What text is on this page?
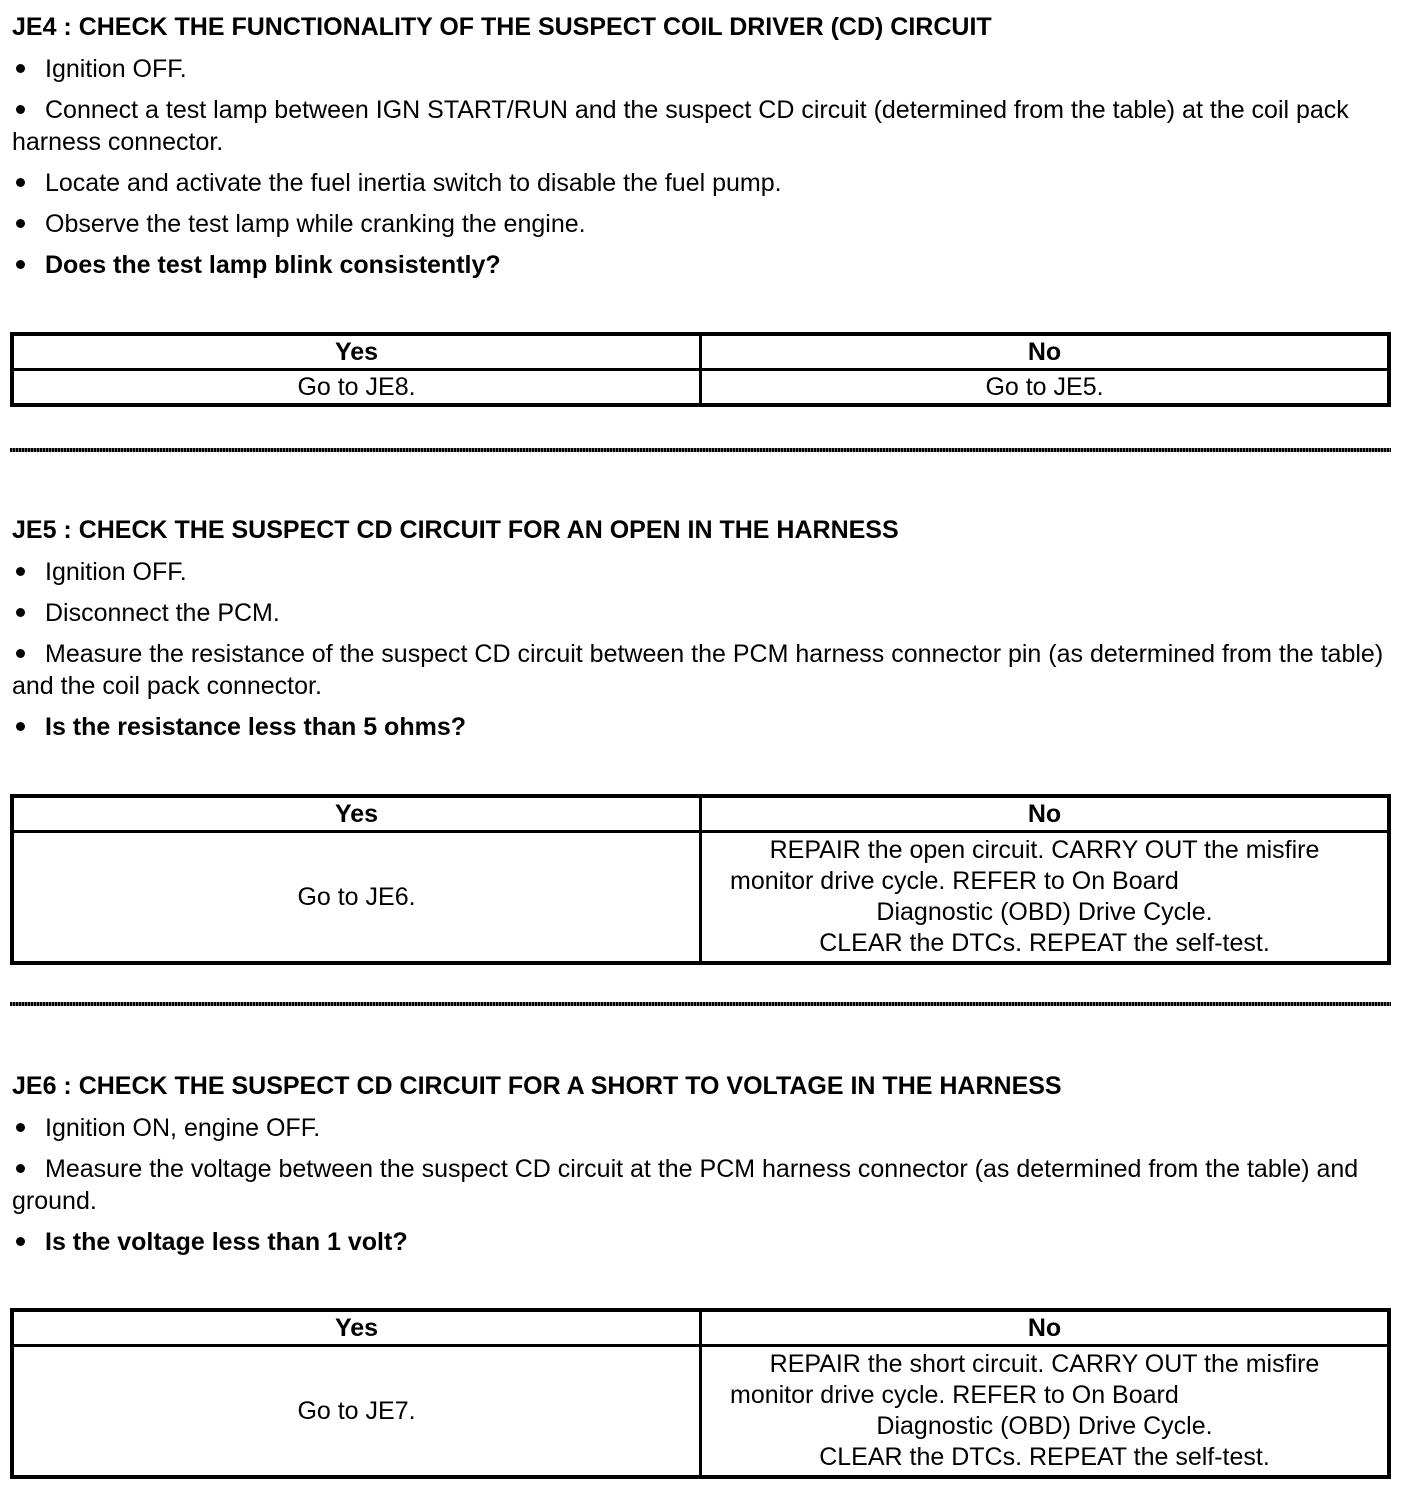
JE4 : CHECK THE FUNCTIONALITY OF THE SUSPECT COIL DRIVER (CD) CIRCUIT

Ignition OFF.

Connect a test lamp between IGN START/RUN and the suspect CD circuit (determined from the table) at the coil pack harness connector.

Locate and activate the fuel inertia switch to disable the fuel pump.

Observe the test lamp while cranking the engine.

Does the test lamp blink consistently?

Yes	No
Go to JE8.	Go to JE5.

JE5 : CHECK THE SUSPECT CD CIRCUIT FOR AN OPEN IN THE HARNESS

Ignition OFF.

Disconnect the PCM.

Measure the resistance of the suspect CD circuit between the PCM harness connector pin (as determined from the table) and the coil pack connector.

Is the resistance less than 5 ohms?

Yes	No
Go to JE6.	REPAIR the open circuit. CARRY OUT the misfire
monitor drive cycle. REFER to On Board
Diagnostic (OBD) Drive Cycle.
CLEAR the DTCs. REPEAT the self-test.

JE6 : CHECK THE SUSPECT CD CIRCUIT FOR A SHORT TO VOLTAGE IN THE HARNESS

Ignition ON, engine OFF.

Measure the voltage between the suspect CD circuit at the PCM harness connector (as determined from the table) and ground.

Is the voltage less than 1 volt?

Yes	No
Go to JE7.	REPAIR the short circuit. CARRY OUT the misfire
monitor drive cycle. REFER to On Board
Diagnostic (OBD) Drive Cycle.
CLEAR the DTCs. REPEAT the self-test.
